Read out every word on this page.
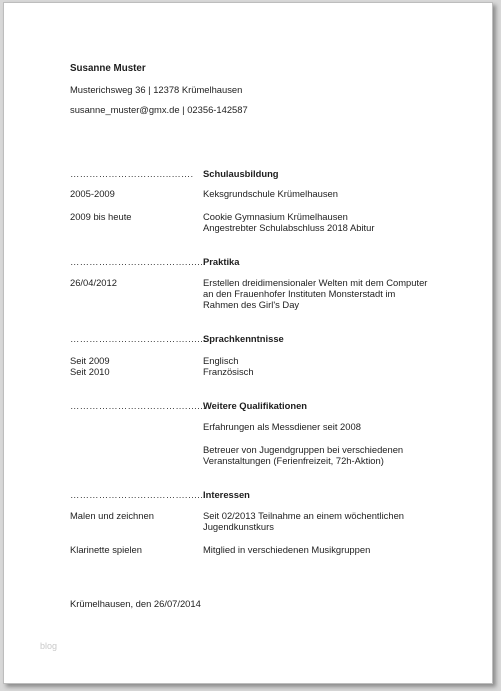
Susanne Muster
Musterichsweg 36 | 12378 Krümelhausen
susanne_muster@gmx.de | 02356-142587
…………………………..……. Schulausbildung
2005-2009	Keksgrundschule Krümelhausen
2009 bis heute	Cookie Gymnasium Krümelhausen
Angestrebter Schulabschluss 2018 Abitur
……………………………….…...
Praktika
26/04/2012	Erstellen dreidimensionaler Welten mit dem Computer
an den Frauenhofer Instituten Monsterstadt im
Rahmen des Girl's Day
……………………………….…...
Sprachkenntnisse
Seit 2009	Englisch
Seit 2010	Französisch
……………………………….…...
Weitere Qualifikationen
Erfahrungen als Messdiener seit 2008
Betreuer von Jugendgruppen bei verschiedenen
Veranstaltungen (Ferienfreizeit, 72h-Aktion)
……………………………….…...
Interessen
Malen und zeichnen	Seit 02/2013 Teilnahme an einem wöchentlichen
Jugendkunstkurs
Klarinette spielen	Mitglied in verschiedenen Musikgruppen
Krümelhausen, den 26/07/2014
blog
